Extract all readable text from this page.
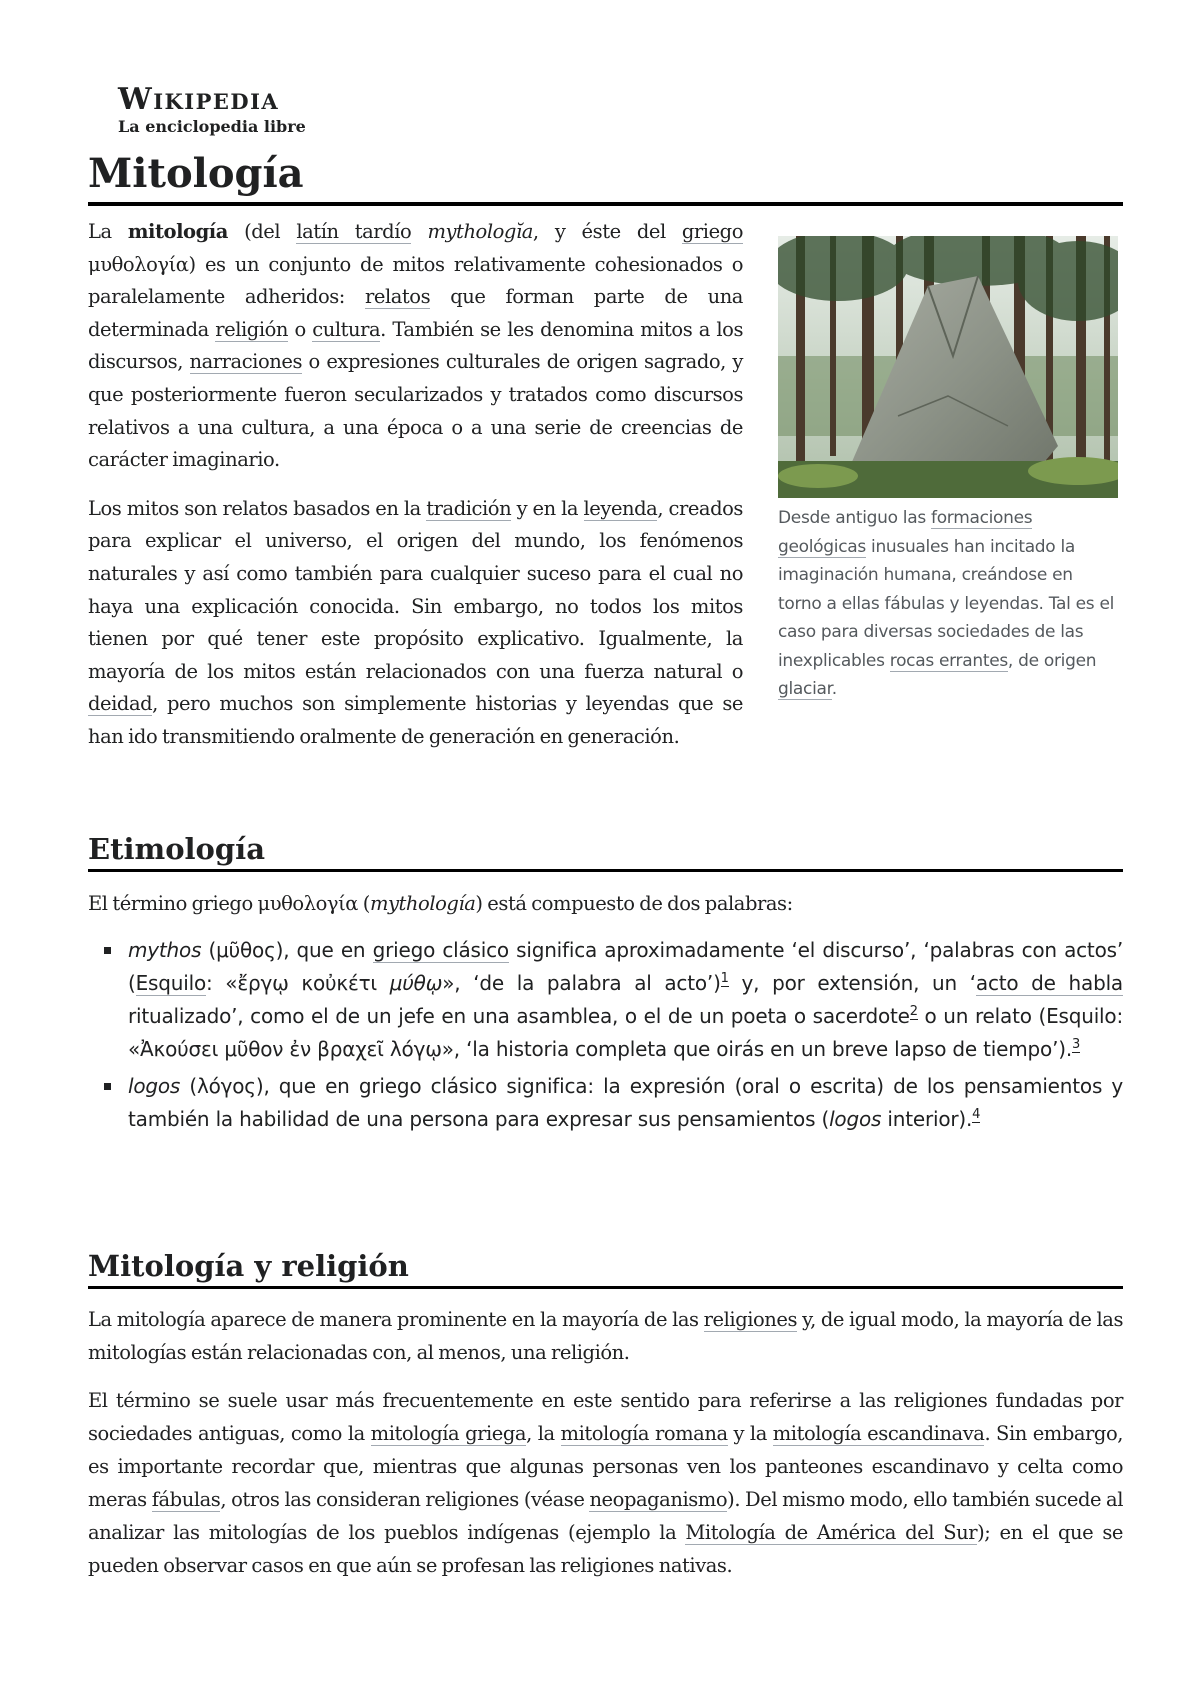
Wikipedia
La enciclopedia libre
Mitología

La mitología (del latín tardío mythologĭa, y éste del griego μυθολογία) es un conjunto de mitos relativamente cohesionados o paralelamente adheridos: relatos que forman parte de una determinada religión o cultura. También se les denomina mitos a los discursos, narraciones o expresiones culturales de origen sagrado, y que posteriormente fueron secularizados y tratados como discursos relativos a una cultura, a una época o a una serie de creencias de carácter imaginario.

Los mitos son relatos basados en la tradición y en la leyenda, creados para explicar el universo, el origen del mundo, los fenómenos naturales y así como también para cualquier suceso para el cual no haya una explicación conocida. Sin embargo, no todos los mitos tienen por qué tener este propósito explicativo. Igualmente, la mayoría de los mitos están relacionados con una fuerza natural o deidad, pero muchos son simplemente historias y leyendas que se han ido transmitiendo oralmente de generación en generación.

Desde antiguo las formaciones geológicas inusuales han incitado la imaginación humana, creándose en torno a ellas fábulas y leyendas. Tal es el caso para diversas sociedades de las inexplicables rocas errantes, de origen glaciar.
Etimología

El término griego μυθολογία (mythología) está compuesto de dos palabras:

mythos (μῦθος), que en griego clásico significa aproximadamente ‘el discurso’, ‘palabras con actos’ (Esquilo: «ἔργῳ κοὐκέτι μύθῳ», ‘de la palabra al acto’)$^1$ y, por extensión, un ‘acto de habla ritualizado’, como el de un jefe en una asamblea, o el de un poeta o sacerdote$^2$ o un relato (Esquilo: «Ἀκούσει μῦθον ἐν βραχεῖ λόγῳ», ‘la historia completa que oirás en un breve lapso de tiempo’).$^3$
logos (λόγος), que en griego clásico significa: la expresión (oral o escrita) de los pensamientos y también la habilidad de una persona para expresar sus pensamientos (logos interior).$^4$
Mitología y religión

La mitología aparece de manera prominente en la mayoría de las religiones y, de igual modo, la mayoría de las mitologías están relacionadas con, al menos, una religión.

El término se suele usar más frecuentemente en este sentido para referirse a las religiones fundadas por sociedades antiguas, como la mitología griega, la mitología romana y la mitología escandinava. Sin embargo, es importante recordar que, mientras que algunas personas ven los panteones escandinavo y celta como meras fábulas, otros las consideran religiones (véase neopaganismo). Del mismo modo, ello también sucede al analizar las mitologías de los pueblos indígenas (ejemplo la Mitología de América del Sur); en el que se pueden observar casos en que aún se profesan las religiones nativas.
